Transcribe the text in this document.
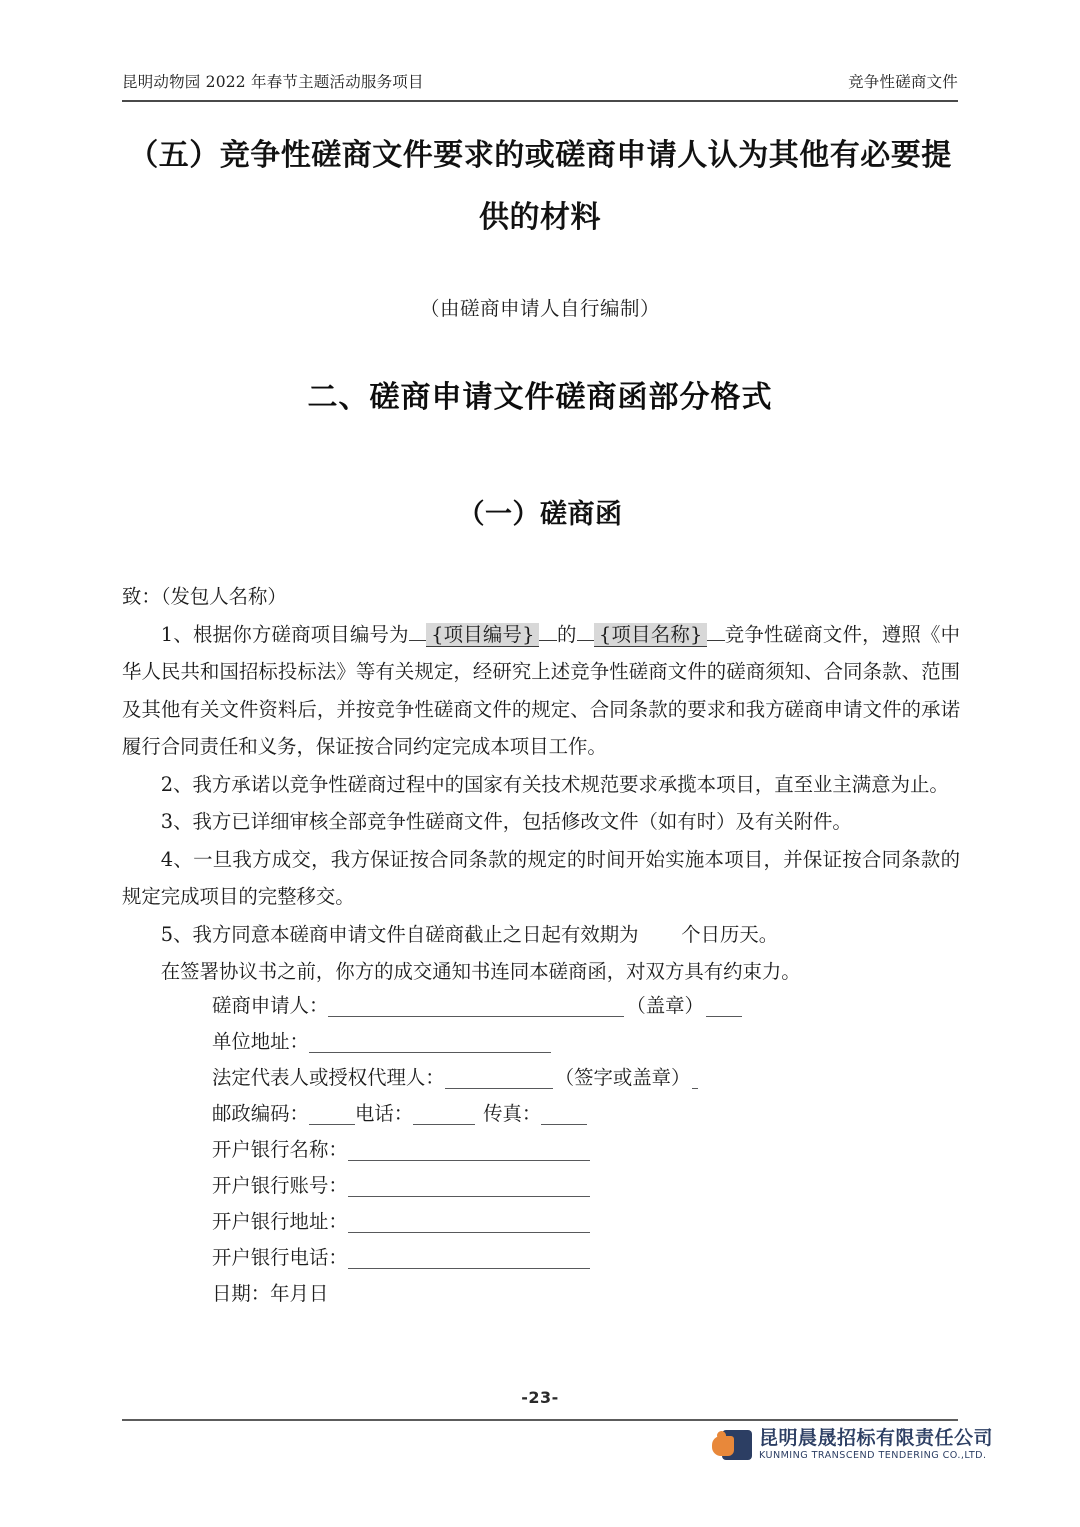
昆明动物园 2022 年春节主题活动服务项目	竞争性磋商文件
（五）竞争性磋商文件要求的或磋商申请人认为其他有必要提供的材料
（由磋商申请人自行编制）
二、磋商申请文件磋商函部分格式
（一）磋商函

致：（发包人名称）

1、根据你方磋商项目编号为 {项目编号} 的 {项目名称} 竞争性磋商文件，遵照《中华人民共和国招标投标法》等有关规定，经研究上述竞争性磋商文件的磋商须知、合同条款、范围及其他有关文件资料后，并按竞争性磋商文件的规定、合同条款的要求和我方磋商申请文件的承诺履行合同责任和义务，保证按合同约定完成本项目工作。

2、我方承诺以竞争性磋商过程中的国家有关技术规范要求承揽本项目，直至业主满意为止。

3、我方已详细审核全部竞争性磋商文件，包括修改文件（如有时）及有关附件。

4、一旦我方成交，我方保证按合同条款的规定的时间开始实施本项目，并保证按合同条款的规定完成项目的完整移交。

5、我方同意本磋商申请文件自磋商截止之日起有效期为 个日历天。

在签署协议书之前，你方的成交通知书连同本磋商函，对双方具有约束力。

磋商申请人：	（盖章）
单位地址：
法定代表人或授权代理人：	（签字或盖章）
邮政编码： 电话：	传真：
开户银行名称：
开户银行账号：
开户银行地址：
开户银行电话：
日期：年月日
-23-
昆明晨晟招标有限责任公司
KUNMING TRANSCEND TENDERING CO.,LTD.
